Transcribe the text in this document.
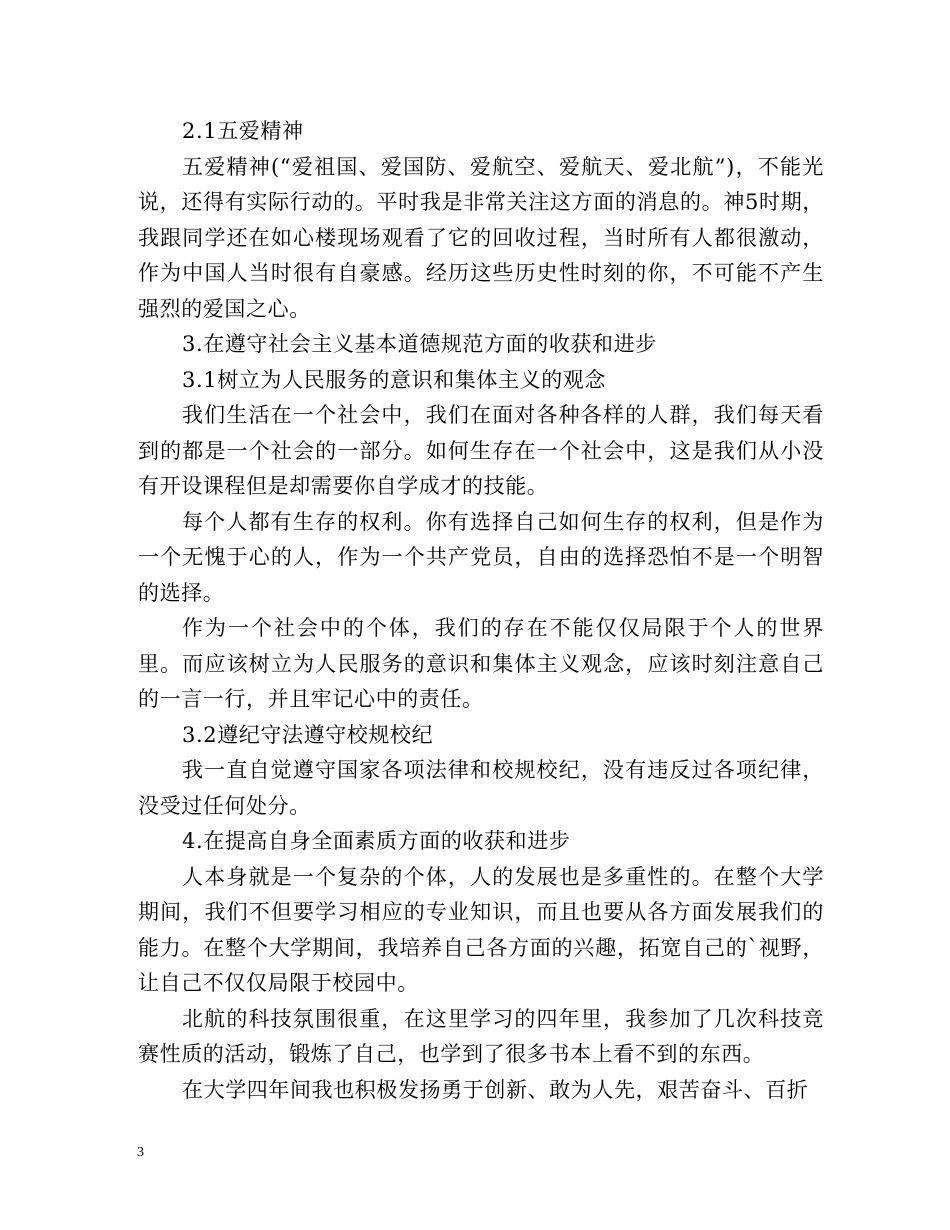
2.1五爱精神

五爱精神(“爱祖国、爱国防、爱航空、爱航天、爱北航”)，不能光说，还得有实际行动的。平时我是非常关注这方面的消息的。神5时期，我跟同学还在如心楼现场观看了它的回收过程，当时所有人都很激动，作为中国人当时很有自豪感。经历这些历史性时刻的你，不可能不产生强烈的爱国之心。

3.在遵守社会主义基本道德规范方面的收获和进步

3.1树立为人民服务的意识和集体主义的观念

我们生活在一个社会中，我们在面对各种各样的人群，我们每天看到的都是一个社会的一部分。如何生存在一个社会中，这是我们从小没有开设课程但是却需要你自学成才的技能。

每个人都有生存的权利。你有选择自己如何生存的权利，但是作为一个无愧于心的人，作为一个共产党员，自由的选择恐怕不是一个明智的选择。

作为一个社会中的个体，我们的存在不能仅仅局限于个人的世界里。而应该树立为人民服务的意识和集体主义观念，应该时刻注意自己的一言一行，并且牢记心中的责任。

3.2遵纪守法遵守校规校纪

我一直自觉遵守国家各项法律和校规校纪，没有违反过各项纪律，没受过任何处分。

4.在提高自身全面素质方面的收获和进步

人本身就是一个复杂的个体，人的发展也是多重性的。在整个大学期间，我们不但要学习相应的专业知识，而且也要从各方面发展我们的能力。在整个大学期间，我培养自己各方面的兴趣，拓宽自己的`视野，让自己不仅仅局限于校园中。

北航的科技氛围很重，在这里学习的四年里，我参加了几次科技竞赛性质的活动，锻炼了自己，也学到了很多书本上看不到的东西。

在大学四年间我也积极发扬勇于创新、敢为人先，艰苦奋斗、百折

3
